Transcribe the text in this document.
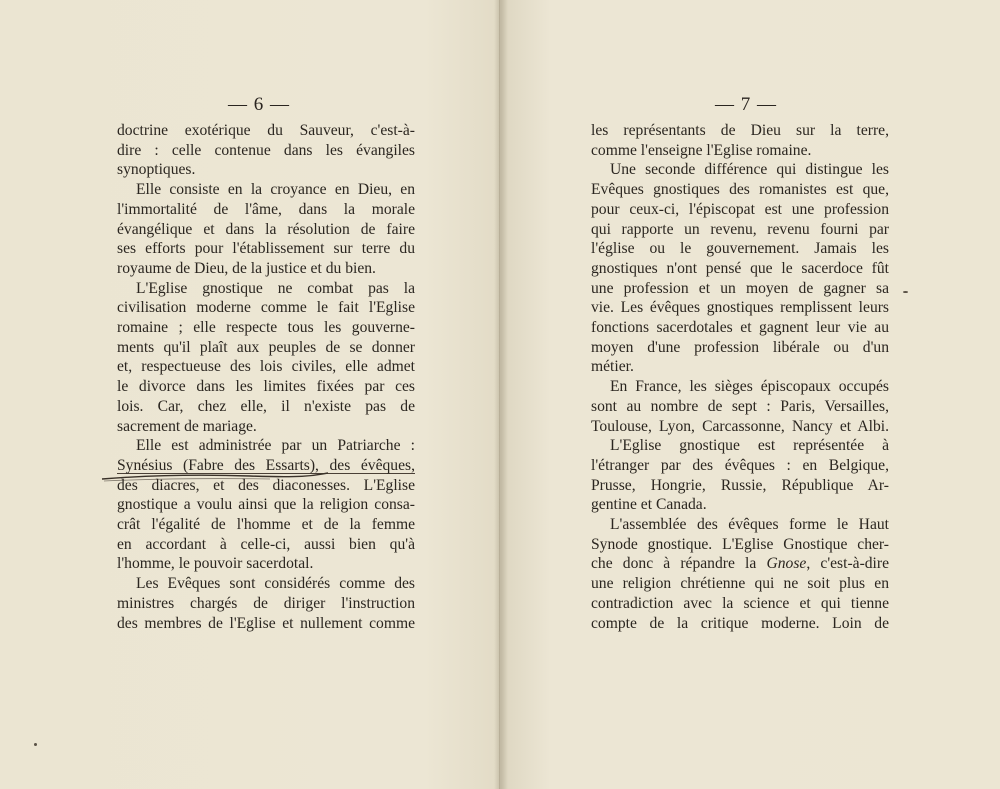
— 6 —
doctrine exotérique du Sauveur, c'est-à-
dire : celle contenue dans les évangiles
synoptiques.
Elle consiste en la croyance en Dieu, en
l'immortalité de l'âme, dans la morale
évangélique et dans la résolution de faire
ses efforts pour l'établissement sur terre du
royaume de Dieu, de la justice et du bien.
L'Eglise gnostique ne combat pas la
civilisation moderne comme le fait l'Eglise
romaine ; elle respecte tous les gouverne-
ments qu'il plaît aux peuples de se donner
et, respectueuse des lois civiles, elle admet
le divorce dans les limites fixées par ces
lois. Car, chez elle, il n'existe pas de
sacrement de mariage.
Elle est administrée par un Patriarche :
Synésius (Fabre des Essarts), des évêques,
des diacres, et des diaconesses. L'Eglise
gnostique a voulu ainsi que la religion consa-
crât l'égalité de l'homme et de la femme
en accordant à celle-ci, aussi bien qu'à
l'homme, le pouvoir sacerdotal.
Les Evêques sont considérés comme des
ministres chargés de diriger l'instruction
des membres de l'Eglise et nullement comme
— 7 —
les représentants de Dieu sur la terre,
comme l'enseigne l'Eglise romaine.
Une seconde différence qui distingue les
Evêques gnostiques des romanistes est que,
pour ceux-ci, l'épiscopat est une profession
qui rapporte un revenu, revenu fourni par
l'église ou le gouvernement. Jamais les
gnostiques n'ont pensé que le sacerdoce fût
une profession et un moyen de gagner sa
vie. Les évêques gnostiques remplissent leurs
fonctions sacerdotales et gagnent leur vie au
moyen d'une profession libérale ou d'un
métier.
En France, les sièges épiscopaux occupés
sont au nombre de sept : Paris, Versailles,
Toulouse, Lyon, Carcassonne, Nancy et Albi.
L'Eglise gnostique est représentée à
l'étranger par des évêques : en Belgique,
Prusse, Hongrie, Russie, République Ar-
gentine et Canada.
L'assemblée des évêques forme le Haut
Synode gnostique. L'Eglise Gnostique cher-
che donc à répandre la Gnose, c'est-à-dire
une religion chrétienne qui ne soit plus en
contradiction avec la science et qui tienne
compte de la critique moderne. Loin de
